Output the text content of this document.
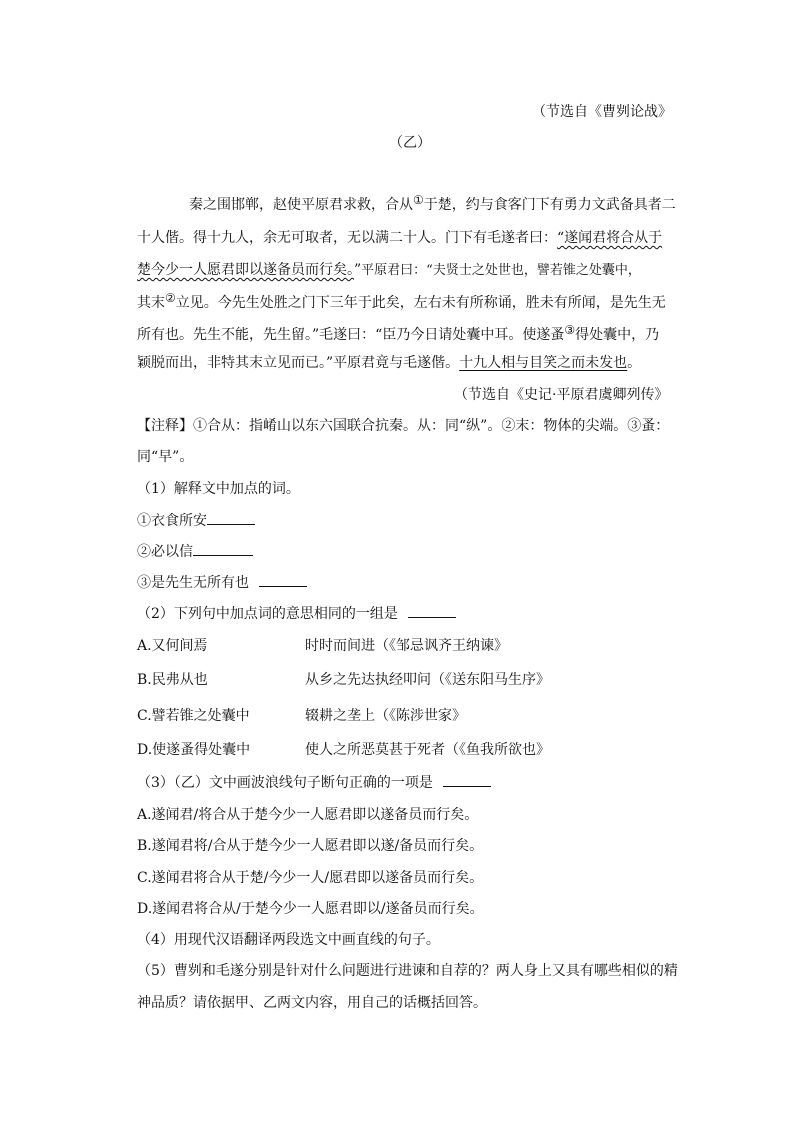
（节选自《曹刿论战》
（乙）
秦之围邯郸，赵使平原君求救，合从①于楚，约与食客门下有勇力文武备具者二
十人偕。得十九人，余无可取者，无以满二十人。门下有毛遂者曰：“遂闻君将合从于
楚今少一人愿君即以遂备员而行矣。”平原君曰：“夫贤士之处世也，譬若锥之处囊中，
其末②立见。今先生处胜之门下三年于此矣，左右未有所称诵，胜未有所闻，是先生无
所有也。先生不能，先生留。”毛遂曰：“臣乃今日请处囊中耳。使遂蚤③得处囊中，乃
颖脱而出，非特其末立见而已。”平原君竟与毛遂偕。十九人相与目笑之而未发也。
（节选自《史记·平原君虞卿列传》
【注释】①合从：指崤山以东六国联合抗秦。从：同“纵”。②末：物体的尖端。③蚤：
同“早”。
（1）解释文中加点的词。
①衣食所安
②必以信
③是先生无所有也
（2）下列句中加点词的意思相同的一组是
A.又何间焉	时时而间进（《邹忌讽齐王纳谏》
B.民弗从也	从乡之先达执经叩问（《送东阳马生序》
C.譬若锥之处囊中	辍耕之垄上（《陈涉世家》
D.使遂蚤得处囊中	使人之所恶莫甚于死者（《鱼我所欲也》
（3）（乙）文中画波浪线句子断句正确的一项是
A.遂闻君/将合从于楚今少一人愿君即以遂备员而行矣。
B.遂闻君将/合从于楚今少一人愿君即以遂/备员而行矣。
C.遂闻君将合从于楚/今少一人/愿君即以遂备员而行矣。
D.遂闻君将合从/于楚今少一人愿君即以/遂备员而行矣。
（4）用现代汉语翻译两段选文中画直线的句子。
（5）曹刿和毛遂分别是针对什么问题进行进谏和自荐的？两人身上又具有哪些相似的精
神品质？请依据甲、乙两文内容，用自己的话概括回答。
